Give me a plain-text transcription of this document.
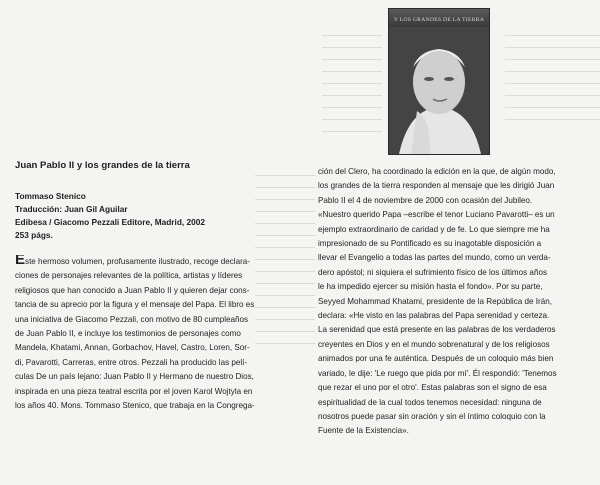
Y LOS GRANDES DE LA TIERRA
Juan Pablo II y los grandes de la tierra
Tommaso Stenico
Traducción: Juan Gil Aguilar
Edibesa / Giacomo Pezzali Editore, Madrid, 2002
253 págs.
Este hermoso volumen, profusamente ilustrado, recoge declara-
ciones de personajes relevantes de la política, artistas y líderes
religiosos que han conocido a Juan Pablo II y quieren dejar cons-
tancia de su aprecio por la figura y el mensaje del Papa. El libro es
una iniciativa de Giacomo Pezzali, con motivo de 80 cumpleaños
de Juan Pablo II, e incluye los testimonios de personajes como
Mandela, Khatami, Annan, Gorbachov, Havel, Castro, Loren, Sor-
di, Pavarotti, Carreras, entre otros. Pezzali ha producido las pelí-
culas De un país lejano: Juan Pablo II y Hermano de nuestro Dios,
inspirada en una pieza teatral escrita por el joven Karol Wojtyla en
los años 40. Mons. Tommaso Stenico, que trabaja en la Congrega-
ción del Clero, ha coordinado la edición en la que, de algún modo,
los grandes de la tierra responden al mensaje que les dirigió Juan
Pablo II el 4 de noviembre de 2000 con ocasión del Jubileo.
«Nuestro querido Papa –escribe el tenor Luciano Pavarotti– es un
ejemplo extraordinario de caridad y de fe. Lo que siempre me ha
impresionado de su Pontificado es su inagotable disposición a
llevar el Evangelio a todas las partes del mundo, como un verda-
dero apóstol; ni siquiera el sufrimiento físico de los últimos años
le ha impedido ejercer su misión hasta el fondo». Por su parte,
Seyyed Mohammad Khatami, presidente de la República de Irán,
declara: «He visto en las palabras del Papa serenidad y certeza.
La serenidad que está presente en las palabras de los verdaderos
creyentes en Dios y en el mundo sobrenatural y de los religiosos
animados por una fe auténtica. Después de un coloquio más bien
variado, le dije: 'Le ruego que pida por mí'. Él respondió: 'Tenemos
que rezar el uno por el otro'. Estas palabras son el signo de esa
espiritualidad de la cual todos tenemos necesidad: ninguna de
nosotros puede pasar sin oración y sin el íntimo coloquio con la
Fuente de la Existencia».
